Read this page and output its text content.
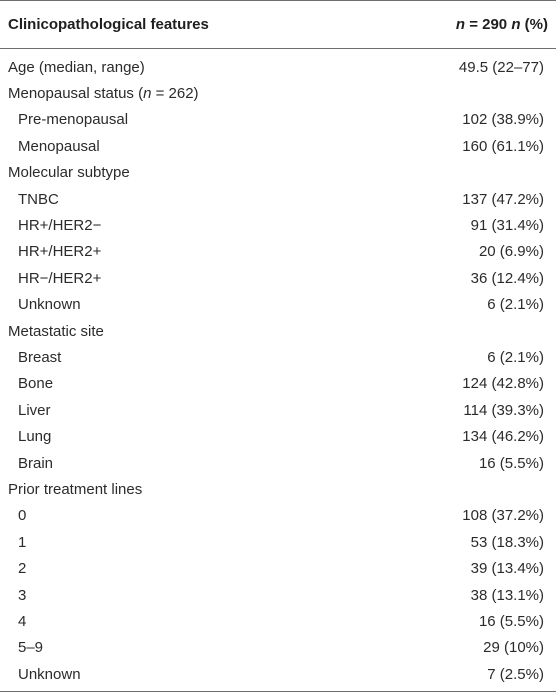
Clinicopathological features	n = 290 n (%)
Age (median, range)	49.5 (22–77)
Menopausal status (n = 262)
Pre-menopausal	102 (38.9%)
Menopausal	160 (61.1%)
Molecular subtype
TNBC	137 (47.2%)
HR+/HER2−	91 (31.4%)
HR+/HER2+	20 (6.9%)
HR−/HER2+	36 (12.4%)
Unknown	6 (2.1%)
Metastatic site
Breast	6 (2.1%)
Bone	124 (42.8%)
Liver	114 (39.3%)
Lung	134 (46.2%)
Brain	16 (5.5%)
Prior treatment lines
0	108 (37.2%)
1	53 (18.3%)
2	39 (13.4%)
3	38 (13.1%)
4	16 (5.5%)
5–9	29 (10%)
Unknown	7 (2.5%)
